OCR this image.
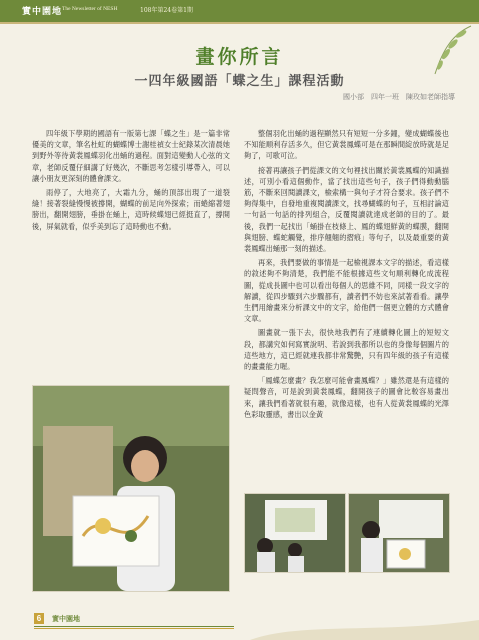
實中園地 The Newsletter of NESH	108年第24卷第1期
畫你所言
一四年級國語「蝶之生」課程活動
國小部　四年一班　陳玫如老師指導

四年級下學期的國語有一版第七課「蝶之生」是一篇非常優美的文章，筆名杜虹的蝴蝶博士謝桂禎女士紀錄某次清晨她到野外等待黃裳鳳蝶羽化出蛹的過程。面對這變動人心弦的文章，老師反覆仔細講了好幾次，不斷思考怎樣引導帶入，可以讓小朋友更深刻的體會課文。

雨停了，大地亮了，大霜九分，蛹的頂部出現了一道裂縫！接著裂縫慢慢被撐開，蝴蝶的前足向外探索；而蜷縮著翅膀出，翻開翅膀，垂掛在蛹上，這時候蝶翅已經挺直了，撐開後，屏氣就看，似乎美到忘了這時動也不動。

整個羽化出蛹的過程顯然只有短短一分多鐘，變成蝴蝶後也不知能順利存活多久，但它黃裳鳳蝶可是在那瞬間綻放時就是足夠了，可歌可泣。

接著再讓孩子們從課文的文句裡找出關於黃裳鳳蝶的知識描述，可別小看這個動作，當了找出這些句子，孩子們得動動腦筋，不斷來回閱讀課文，檢索構一與句子才符合要求。孩子們不夠得集中，自發地重複閱讀課文，找尋蝴蝶的句子，互相討論這一句話一句話的排列組合，反覆閱讀就達成老師的目的了。最後，我們一起找出「蛹掛在枝條上、鳳的蝶翅鮮黃的蝶膜，翻開與翅膀、蝶蛇觸覺，排序翹翹的摺痕」等句子，以及最重要的黃裳鳳蝶出蛹那一刻的描述。

再來，我們要做的事情是一起檢視課本文字的描述，看這樣的敘述夠不夠清楚，我們能不能根據這些文句順利轉化成流程圖，從成長圖中也可以看出每個人的思維不同，同樣一段文字的解讀，從四步驟到六步驟都有，讀者們不妨也來試著看看。讓學生們用繪畫來分析課文中的文字，給他們一個更立體的方式體會文章。

圖畫就一張下去，很快地我們有了連續轉化圖上的短短文段，都講究如何寫實說明、若說到我都所以也的身像每個圖片的這些地方，這已經就連我都非常驚艷，只有四年級的孩子有這樣的畫畫能力喔。

「鳳蝶怎麼畫？我怎麼可能會畫鳳蝶？」雖然還是有這樣的疑問聲音，可是說到黃裳鳳蝶，翻開孩子的圖會比較容易畫出來，讓我們看著就很有趣，就像這樣，也有人從黃裳鳳蝶的光澤色彩取靈感，書出以金黃

6	實中園地
